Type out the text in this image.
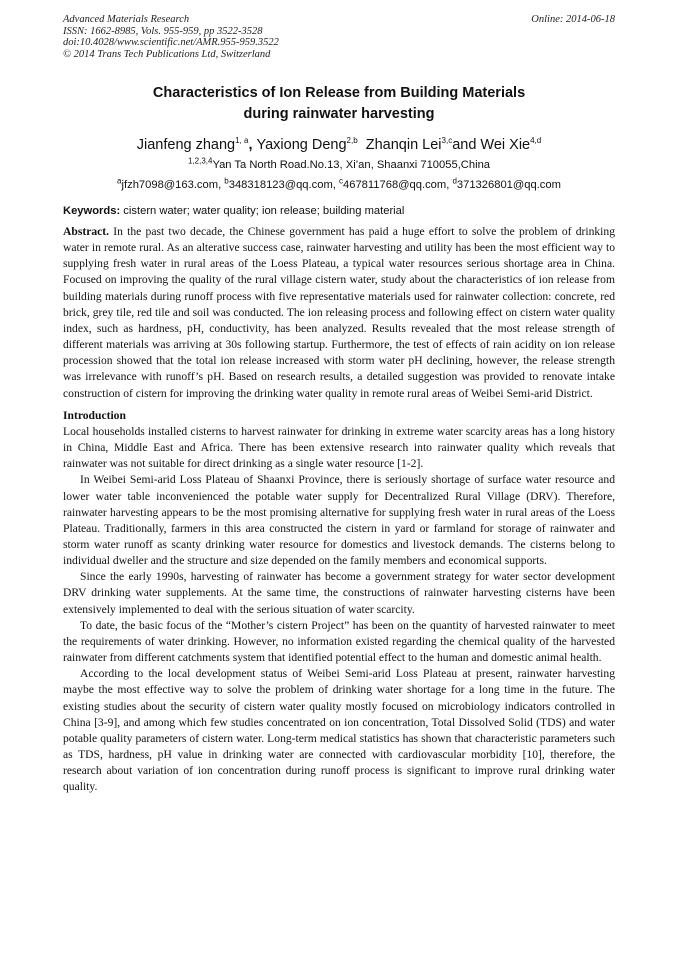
Advanced Materials Research
ISSN: 1662-8985, Vols. 955-959, pp 3522-3528
doi:10.4028/www.scientific.net/AMR.955-959.3522
© 2014 Trans Tech Publications Ltd, Switzerland
Online: 2014-06-18
Characteristics of Ion Release from Building Materials
during rainwater harvesting
Jianfeng zhang$^{1, a}$, Yaxiong Deng$^{2,b}$ Zhanqin Lei$^{3,c}$and Wei Xie$^{4,d}$
$^{1,2,3,4}$Yan Ta North Road.No.13, Xi’an, Shaanxi 710055,China
$^a$jfzh7098@163.com, $^b$348318123@qq.com, $^c$467811768@qq.com, $^d$371326801@qq.com
Keywords: cistern water; water quality; ion release; building material

Abstract. In the past two decade, the Chinese government has paid a huge effort to solve the problem of drinking water in remote rural. As an alterative success case, rainwater harvesting and utility has been the most efficient way to supplying fresh water in rural areas of the Loess Plateau, a typical water resources serious shortage area in China. Focused on improving the quality of the rural village cistern water, study about the characteristics of ion release from building materials during runoff process with five representative materials used for rainwater collection: concrete, red brick, grey tile, red tile and soil was conducted. The ion releasing process and following effect on cistern water quality index, such as hardness, pH, conductivity, has been analyzed. Results revealed that the most release strength of different materials was arriving at 30s following startup. Furthermore, the test of effects of rain acidity on ion release procession showed that the total ion release increased with storm water pH declining, however, the release strength was irrelevance with runoff’s pH. Based on research results, a detailed suggestion was provided to renovate intake construction of cistern for improving the drinking water quality in remote rural areas of Weibei Semi-arid District.

Introduction

Local households installed cisterns to harvest rainwater for drinking in extreme water scarcity areas has a long history in China, Middle East and Africa. There has been extensive research into rainwater quality which reveals that rainwater was not suitable for direct drinking as a single water resource [1-2].

In Weibei Semi-arid Loss Plateau of Shaanxi Province, there is seriously shortage of surface water resource and lower water table inconvenienced the potable water supply for Decentralized Rural Village (DRV). Therefore, rainwater harvesting appears to be the most promising alternative for supplying fresh water in rural areas of the Loess Plateau. Traditionally, farmers in this area constructed the cistern in yard or farmland for storage of rainwater and storm water runoff as scanty drinking water resource for domestics and livestock demands. The cisterns belong to individual dweller and the structure and size depended on the family members and economical supports.

Since the early 1990s, harvesting of rainwater has become a government strategy for water sector development DRV drinking water supplements. At the same time, the constructions of rainwater harvesting cisterns have been extensively implemented to deal with the serious situation of water scarcity.

To date, the basic focus of the “Mother’s cistern Project” has been on the quantity of harvested rainwater to meet the requirements of water drinking. However, no information existed regarding the chemical quality of the harvested rainwater from different catchments system that identified potential effect to the human and domestic animal health.

According to the local development status of Weibei Semi-arid Loss Plateau at present, rainwater harvesting maybe the most effective way to solve the problem of drinking water shortage for a long time in the future. The existing studies about the security of cistern water quality mostly focused on microbiology indicators controlled in China [3-9], and among which few studies concentrated on ion concentration, Total Dissolved Solid (TDS) and water potable quality parameters of cistern water. Long-term medical statistics has shown that characteristic parameters such as TDS, hardness, pH value in drinking water are connected with cardiovascular morbidity [10], therefore, the research about variation of ion concentration during runoff process is significant to improve rural drinking water quality.
